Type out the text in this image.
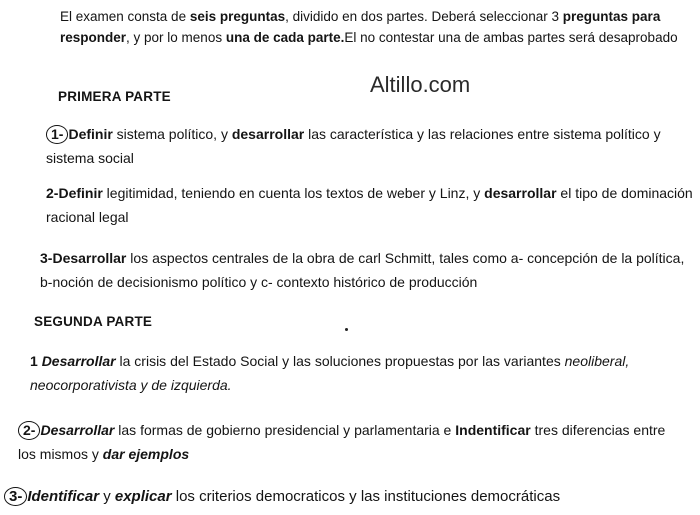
El examen consta de seis preguntas, dividido en dos partes. Deberá seleccionar 3 preguntas para responder, y por lo menos una de cada parte.El no contestar una de ambas partes será desaprobado

Altillo.com
PRIMERA PARTE

1- Definir sistema político, y desarrollar las característica y las relaciones entre sistema político y sistema social

2-Definir legitimidad, teniendo en cuenta los textos de weber y Linz, y desarrollar el tipo de dominación racional legal

3-Desarrollar los aspectos centrales de la obra de carl Schmitt, tales como a- concepción de la política, b-noción de decisionismo político y c- contexto histórico de producción

SEGUNDA PARTE

1 Desarrollar la crisis del Estado Social y las soluciones propuestas por las variantes neoliberal, neocorporativista y de izquierda.

2- Desarrollar las formas de gobierno presidencial y parlamentaria e Indentificar tres diferencias entre los mismos y dar ejemplos

3- Identificar y explicar los criterios democraticos y las instituciones democráticas
